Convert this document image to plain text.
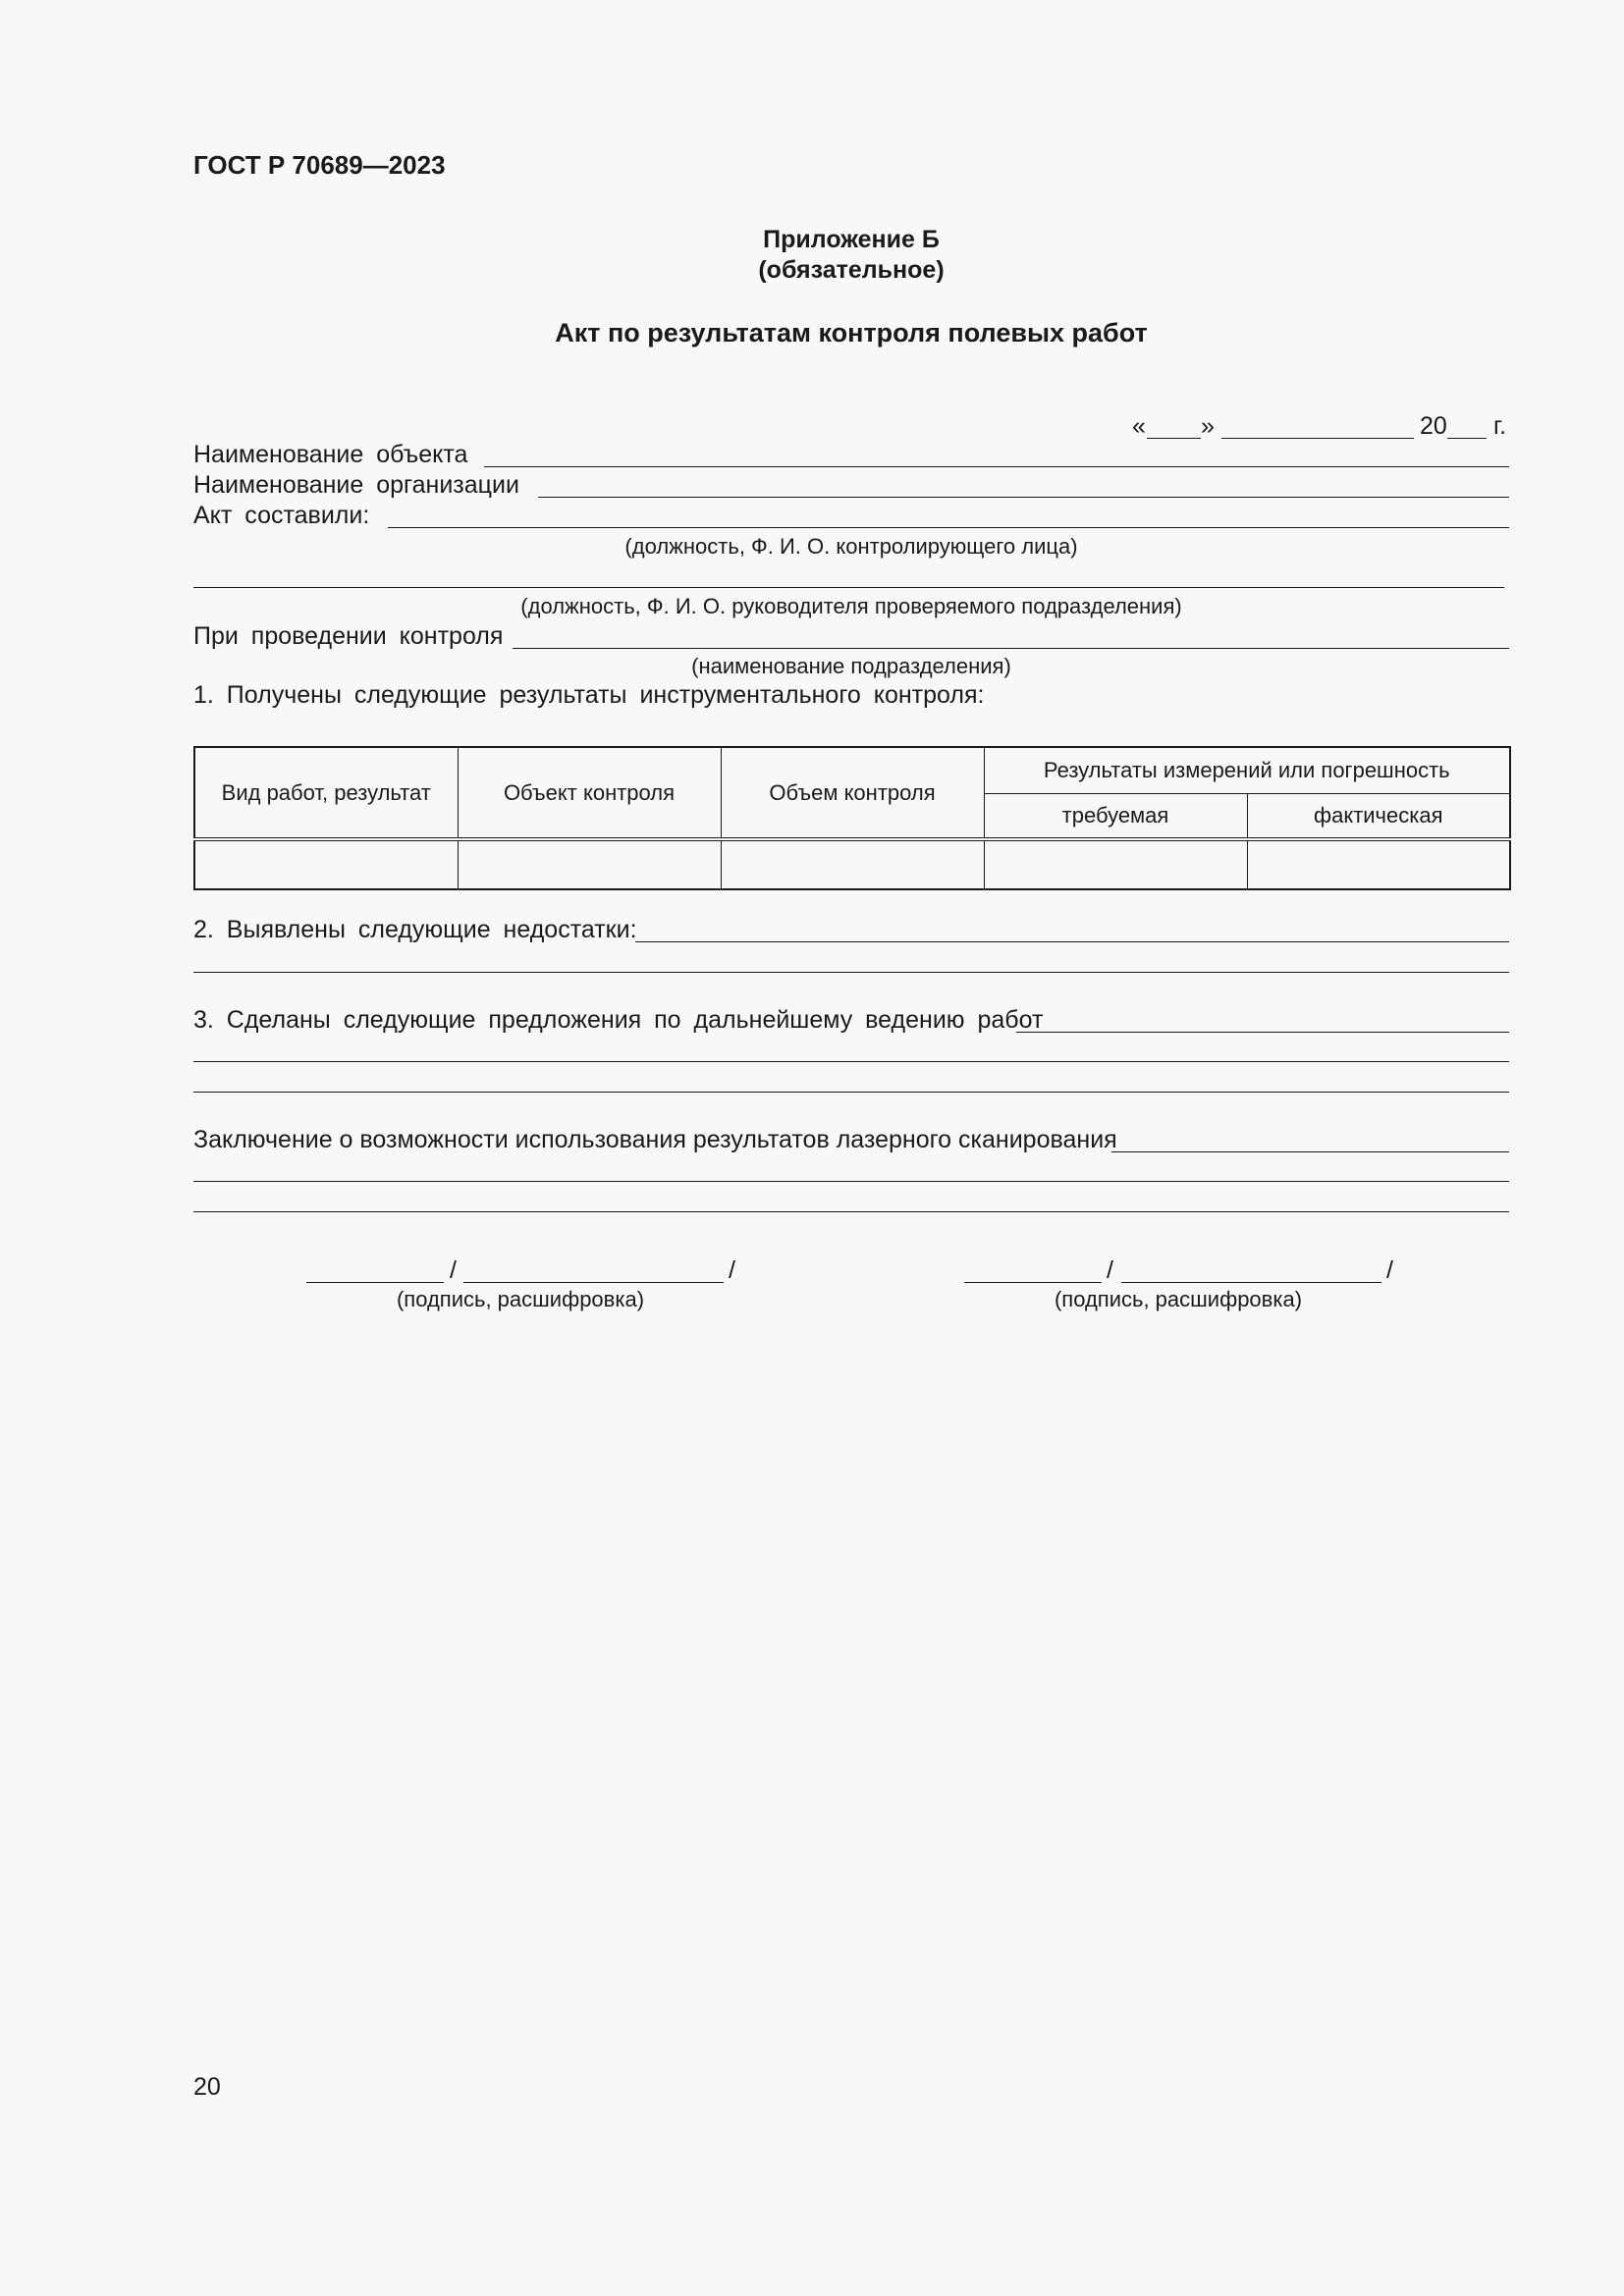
ГОСТ Р 70689—2023
Приложение Б
(обязательное)
Акт по результатам контроля полевых работ
« »	20 г.
Наименование объекта
Наименование организации
Акт составили:
(должность, Ф. И. О. контролирующего лица)
(должность, Ф. И. О. руководителя проверяемого подразделения)
При проведении контроля
(наименование подразделения)
1. Получены следующие результаты инструментального контроля:
Вид работ, результат	Объект контроля	Объем контроля	Результаты измерений или погрешность	
			требуемая	фактическая

2. Выявлены следующие недостатки:
3. Сделаны следующие предложения по дальнейшему ведению работ
Заключение о возможности использования результатов лазерного сканирования
/	/
(подпись, расшифровка)
/	/
(подпись, расшифровка)
20
